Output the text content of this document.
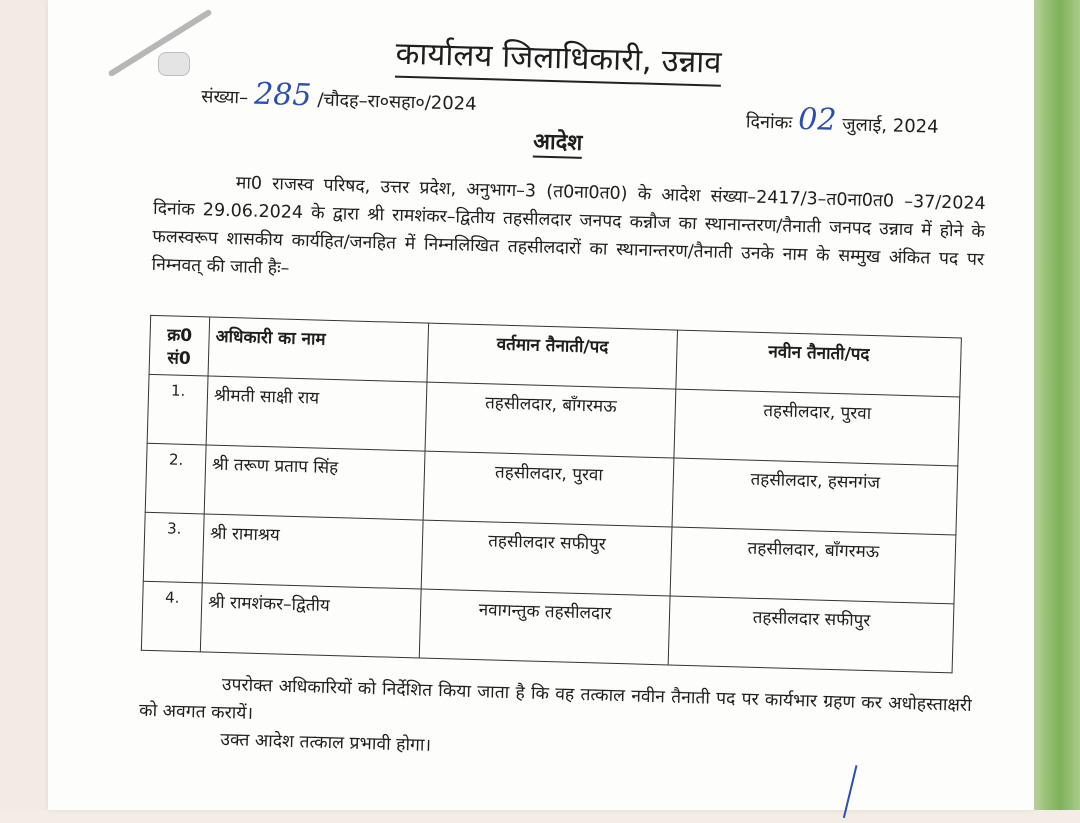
कार्यालय जिलाधिकारी, उन्नाव
संख्या– 285 /चौदह–रा०सहा०/2024
दिनांकः 02 जुलाई, 2024
आदेश
मा0 राजस्व परिषद, उत्तर प्रदेश, अनुभाग–3 (त0ना0त0) के आदेश संख्या–2417/3–त0ना0त0 –37/2024 दिनांक 29.06.2024 के द्वारा श्री रामशंकर–द्वितीय तहसीलदार जनपद कन्नौज का स्थानान्तरण/तैनाती जनपद उन्नाव में होने के फलस्वरूप शासकीय कार्यहित/जनहित में निम्नलिखित तहसीलदारों का स्थानान्तरण/तैनाती उनके नाम के सम्मुख अंकित पद पर निम्नवत् की जाती हैः–
क्र0 सं0	अधिकारी का नाम	वर्तमान तैनाती/पद	नवीन तैनाती/पद
1.	श्रीमती साक्षी राय	तहसीलदार, बाँगरमऊ	तहसीलदार, पुरवा
2.	श्री तरूण प्रताप सिंह	तहसीलदार, पुरवा	तहसीलदार, हसनगंज
3.	श्री रामाश्रय	तहसीलदार सफीपुर	तहसीलदार, बाँगरमऊ
4.	श्री रामशंकर–द्वितीय	नवागन्तुक तहसीलदार	तहसीलदार सफीपुर
उपरोक्त अधिकारियों को निर्देशित किया जाता है कि वह तत्काल नवीन तैनाती पद पर कार्यभार ग्रहण कर अधोहस्ताक्षरी को अवगत करायें।
उक्त आदेश तत्काल प्रभावी होगा।
